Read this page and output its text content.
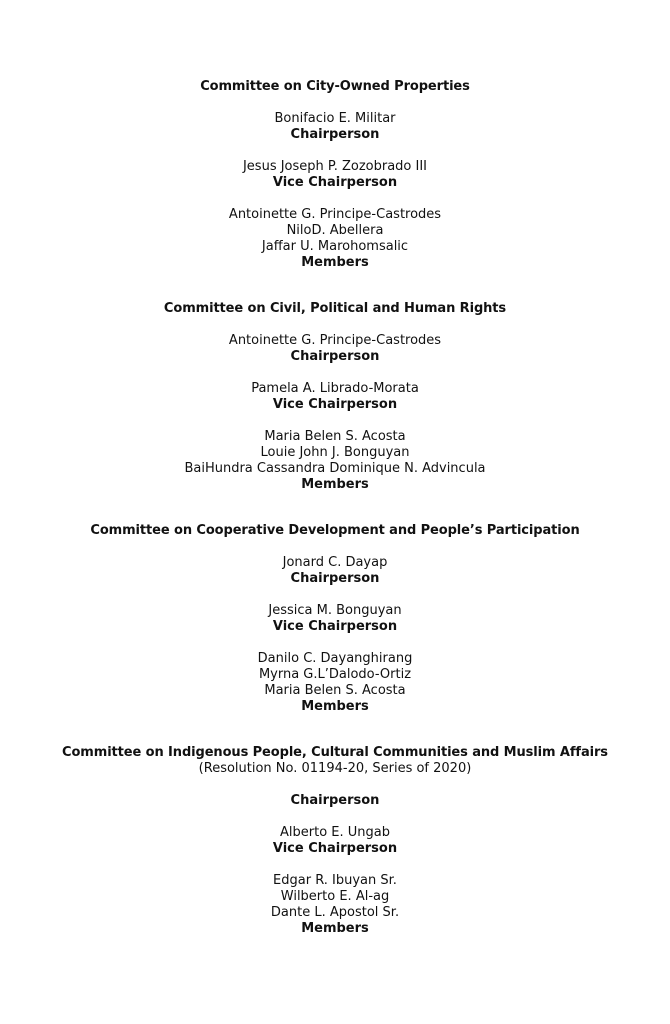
Committee on City-Owned Properties
Bonifacio E. Militar
Chairperson
Jesus Joseph P. Zozobrado III
Vice Chairperson
Antoinette G. Principe-Castrodes
NiloD. Abellera
Jaffar U. Marohomsalic
Members
Committee on Civil, Political and Human Rights
Antoinette G. Principe-Castrodes
Chairperson
Pamela A. Librado-Morata
Vice Chairperson
Maria Belen S. Acosta
Louie John J. Bonguyan
BaiHundra Cassandra Dominique N. Advincula
Members
Committee on Cooperative Development and People’s Participation
Jonard C. Dayap
Chairperson
Jessica M. Bonguyan
Vice Chairperson
Danilo C. Dayanghirang
Myrna G.L’Dalodo-Ortiz
Maria Belen S. Acosta
Members
Committee on Indigenous People, Cultural Communities and Muslim Affairs
(Resolution No. 01194-20, Series of 2020)
Chairperson
Alberto E. Ungab
Vice Chairperson
Edgar R. Ibuyan Sr.
Wilberto E. Al-ag
Dante L. Apostol Sr.
Members
